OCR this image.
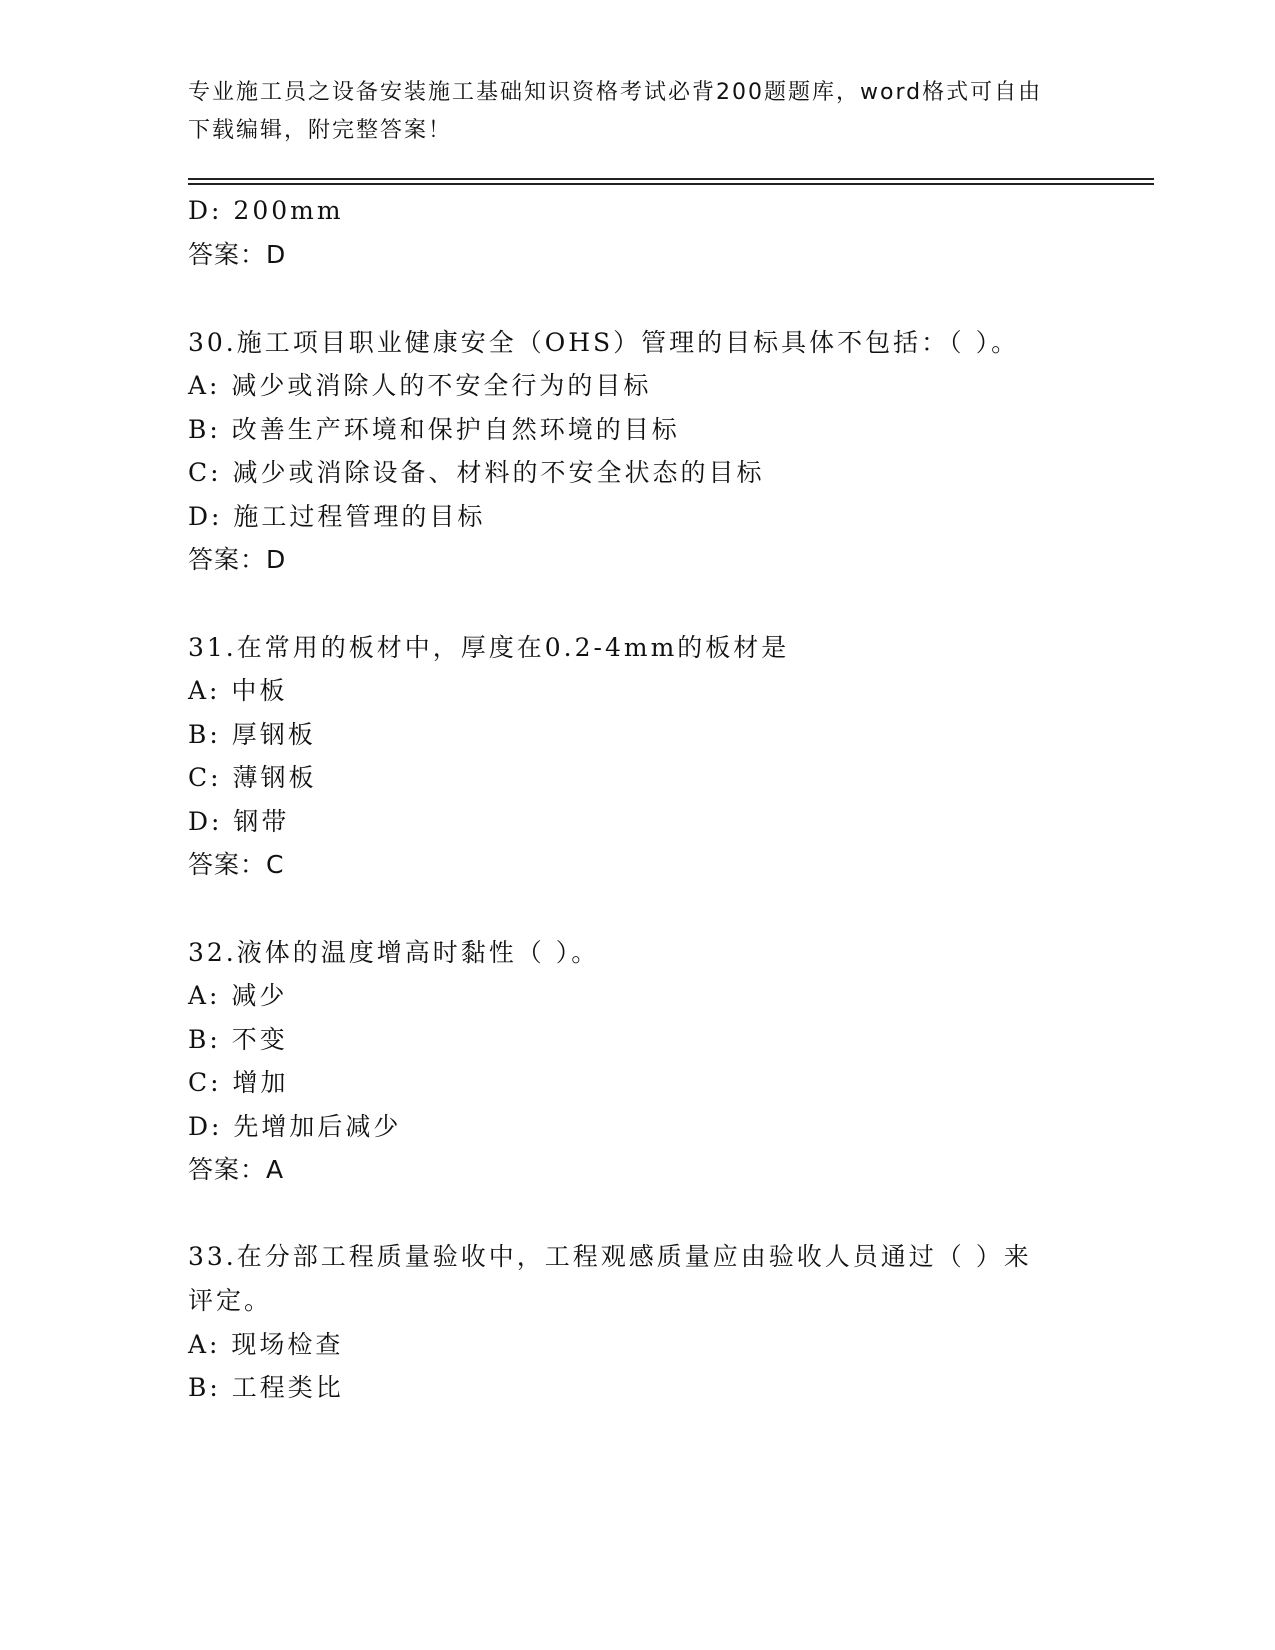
专业施工员之设备安装施工基础知识资格考试必背200题题库，word格式可自由
下载编辑，附完整答案！
D: 200mm
答案：D
30.施工项目职业健康安全（OHS）管理的目标具体不包括：（ ）。
A: 减少或消除人的不安全行为的目标
B: 改善生产环境和保护自然环境的目标
C: 减少或消除设备、材料的不安全状态的目标
D: 施工过程管理的目标
答案：D
31.在常用的板材中，厚度在0.2-4mm的板材是
A: 中板
B: 厚钢板
C: 薄钢板
D: 钢带
答案：C
32.液体的温度增高时黏性（ ）。
A: 减少
B: 不变
C: 增加
D: 先增加后减少
答案：A
33.在分部工程质量验收中，工程观感质量应由验收人员通过（ ）来
评定。
A: 现场检查
B: 工程类比
